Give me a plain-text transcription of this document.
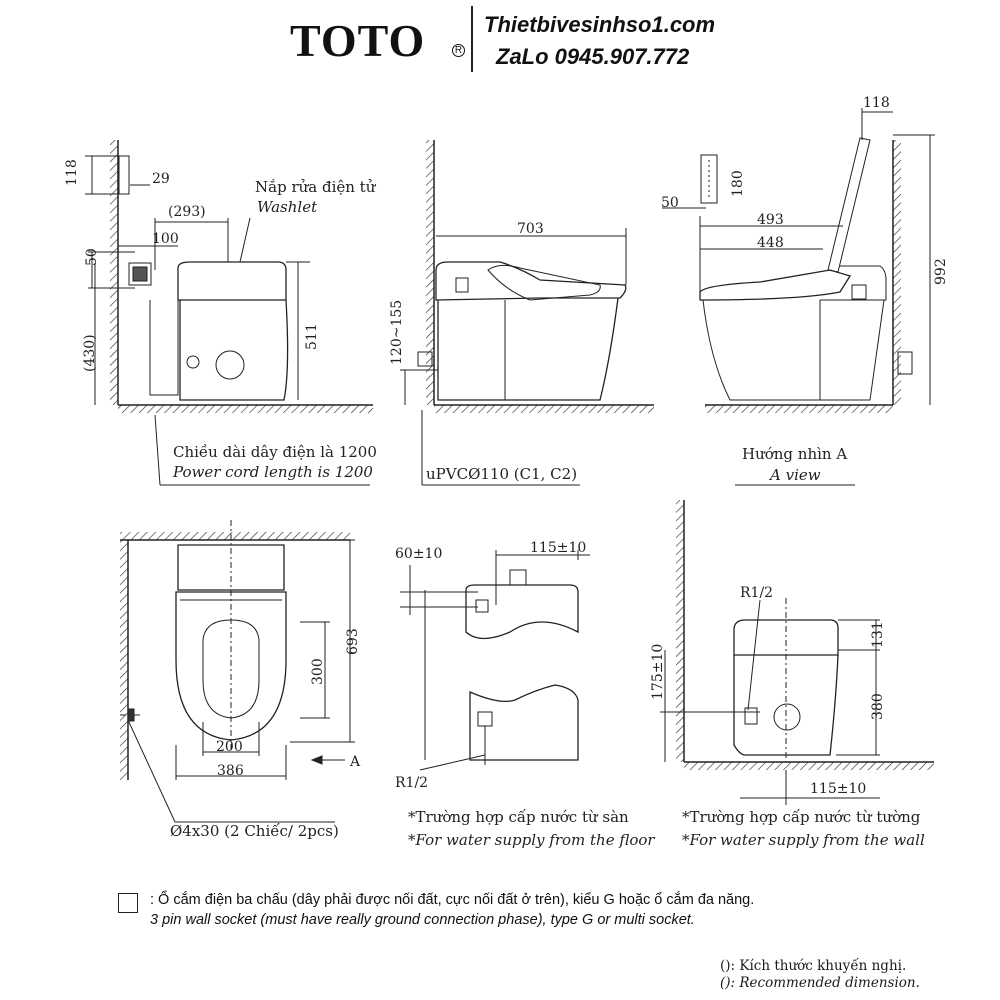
TOTO	R
Thietbivesinhso1.com
ZaLo 0945.907.772
118	29
(293)
100
50
(430)	511
Nắp rửa điện tử
Washlet
Chiều dài dây điện là 1200
Power cord length is 1200
703
120~155
uPVCØ110 (C1, C2)
118
180
50
493
448
992
Hướng nhìn A
A view
693
300
200
386
A
Ø4x30 (2 Chiếc/ 2pcs)
60±10	115±10
R1/2
*Trường hợp cấp nước từ sàn
*For water supply from the floor
R1/2
131
380
175±10
115±10
*Trường hợp cấp nước từ tường
*For water supply from the wall
: Ổ cắm điện ba chấu (dây phải được nối đất, cực nối đất ở trên), kiểu G hoặc ổ cắm đa năng.
3 pin wall socket (must have really ground connection phase), type G or multi socket.
(): Kích thước khuyến nghị.
(): Recommended dimension.
